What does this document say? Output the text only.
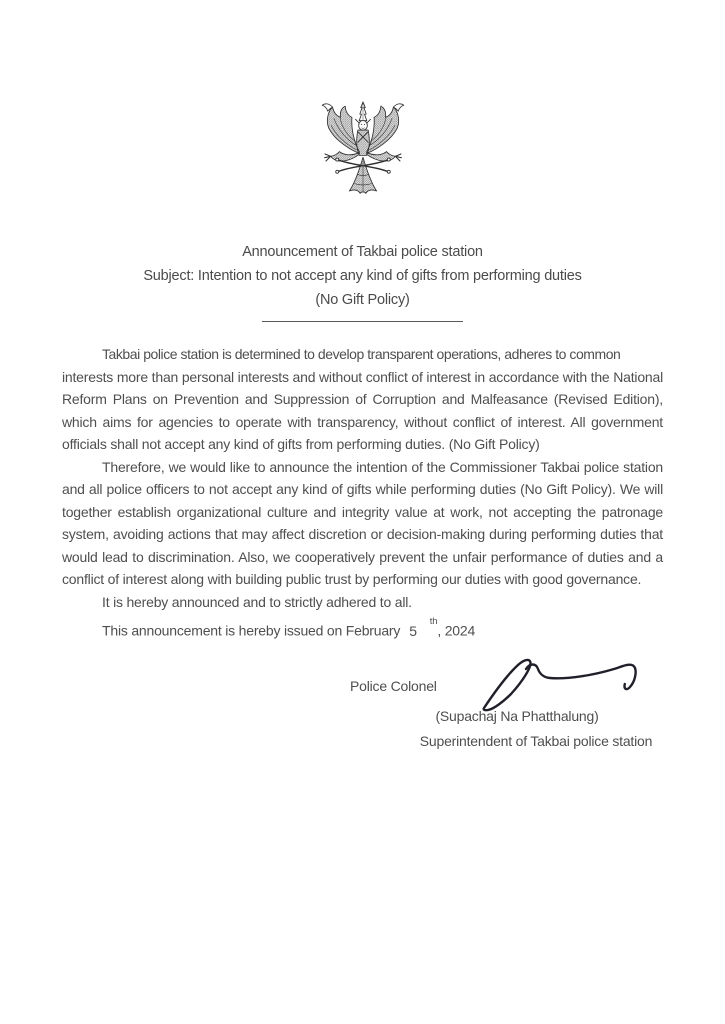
Announcement of Takbai police station
Subject: Intention to not accept any kind of gifts from performing duties
(No Gift Policy)
Takbai police station is determined to develop transparent operations, adheres to common
interests more than personal interests and without conflict of interest in accordance with the National Reform Plans on Prevention and Suppression of Corruption and Malfeasance (Revised Edition), which aims for agencies to operate with transparency, without conflict of interest. All government officials shall not accept any kind of gifts from performing duties. (No Gift Policy)
Therefore, we would like to announce the intention of the Commissioner Takbai police station and all police officers to not accept any kind of gifts while performing duties (No Gift Policy). We will together establish organizational culture and integrity value at work, not accepting the patronage system, avoiding actions that may affect discretion or decision-making during performing duties that would lead to discrimination. Also, we cooperatively prevent the unfair performance of duties and a conflict of interest along with building public trust by performing our duties with good governance.
It is hereby announced and to strictly adhered to all.
This announcement is hereby issued on February 5th, 2024
Police Colonel
(Supachaj Na Phatthalung)
Superintendent of Takbai police station
